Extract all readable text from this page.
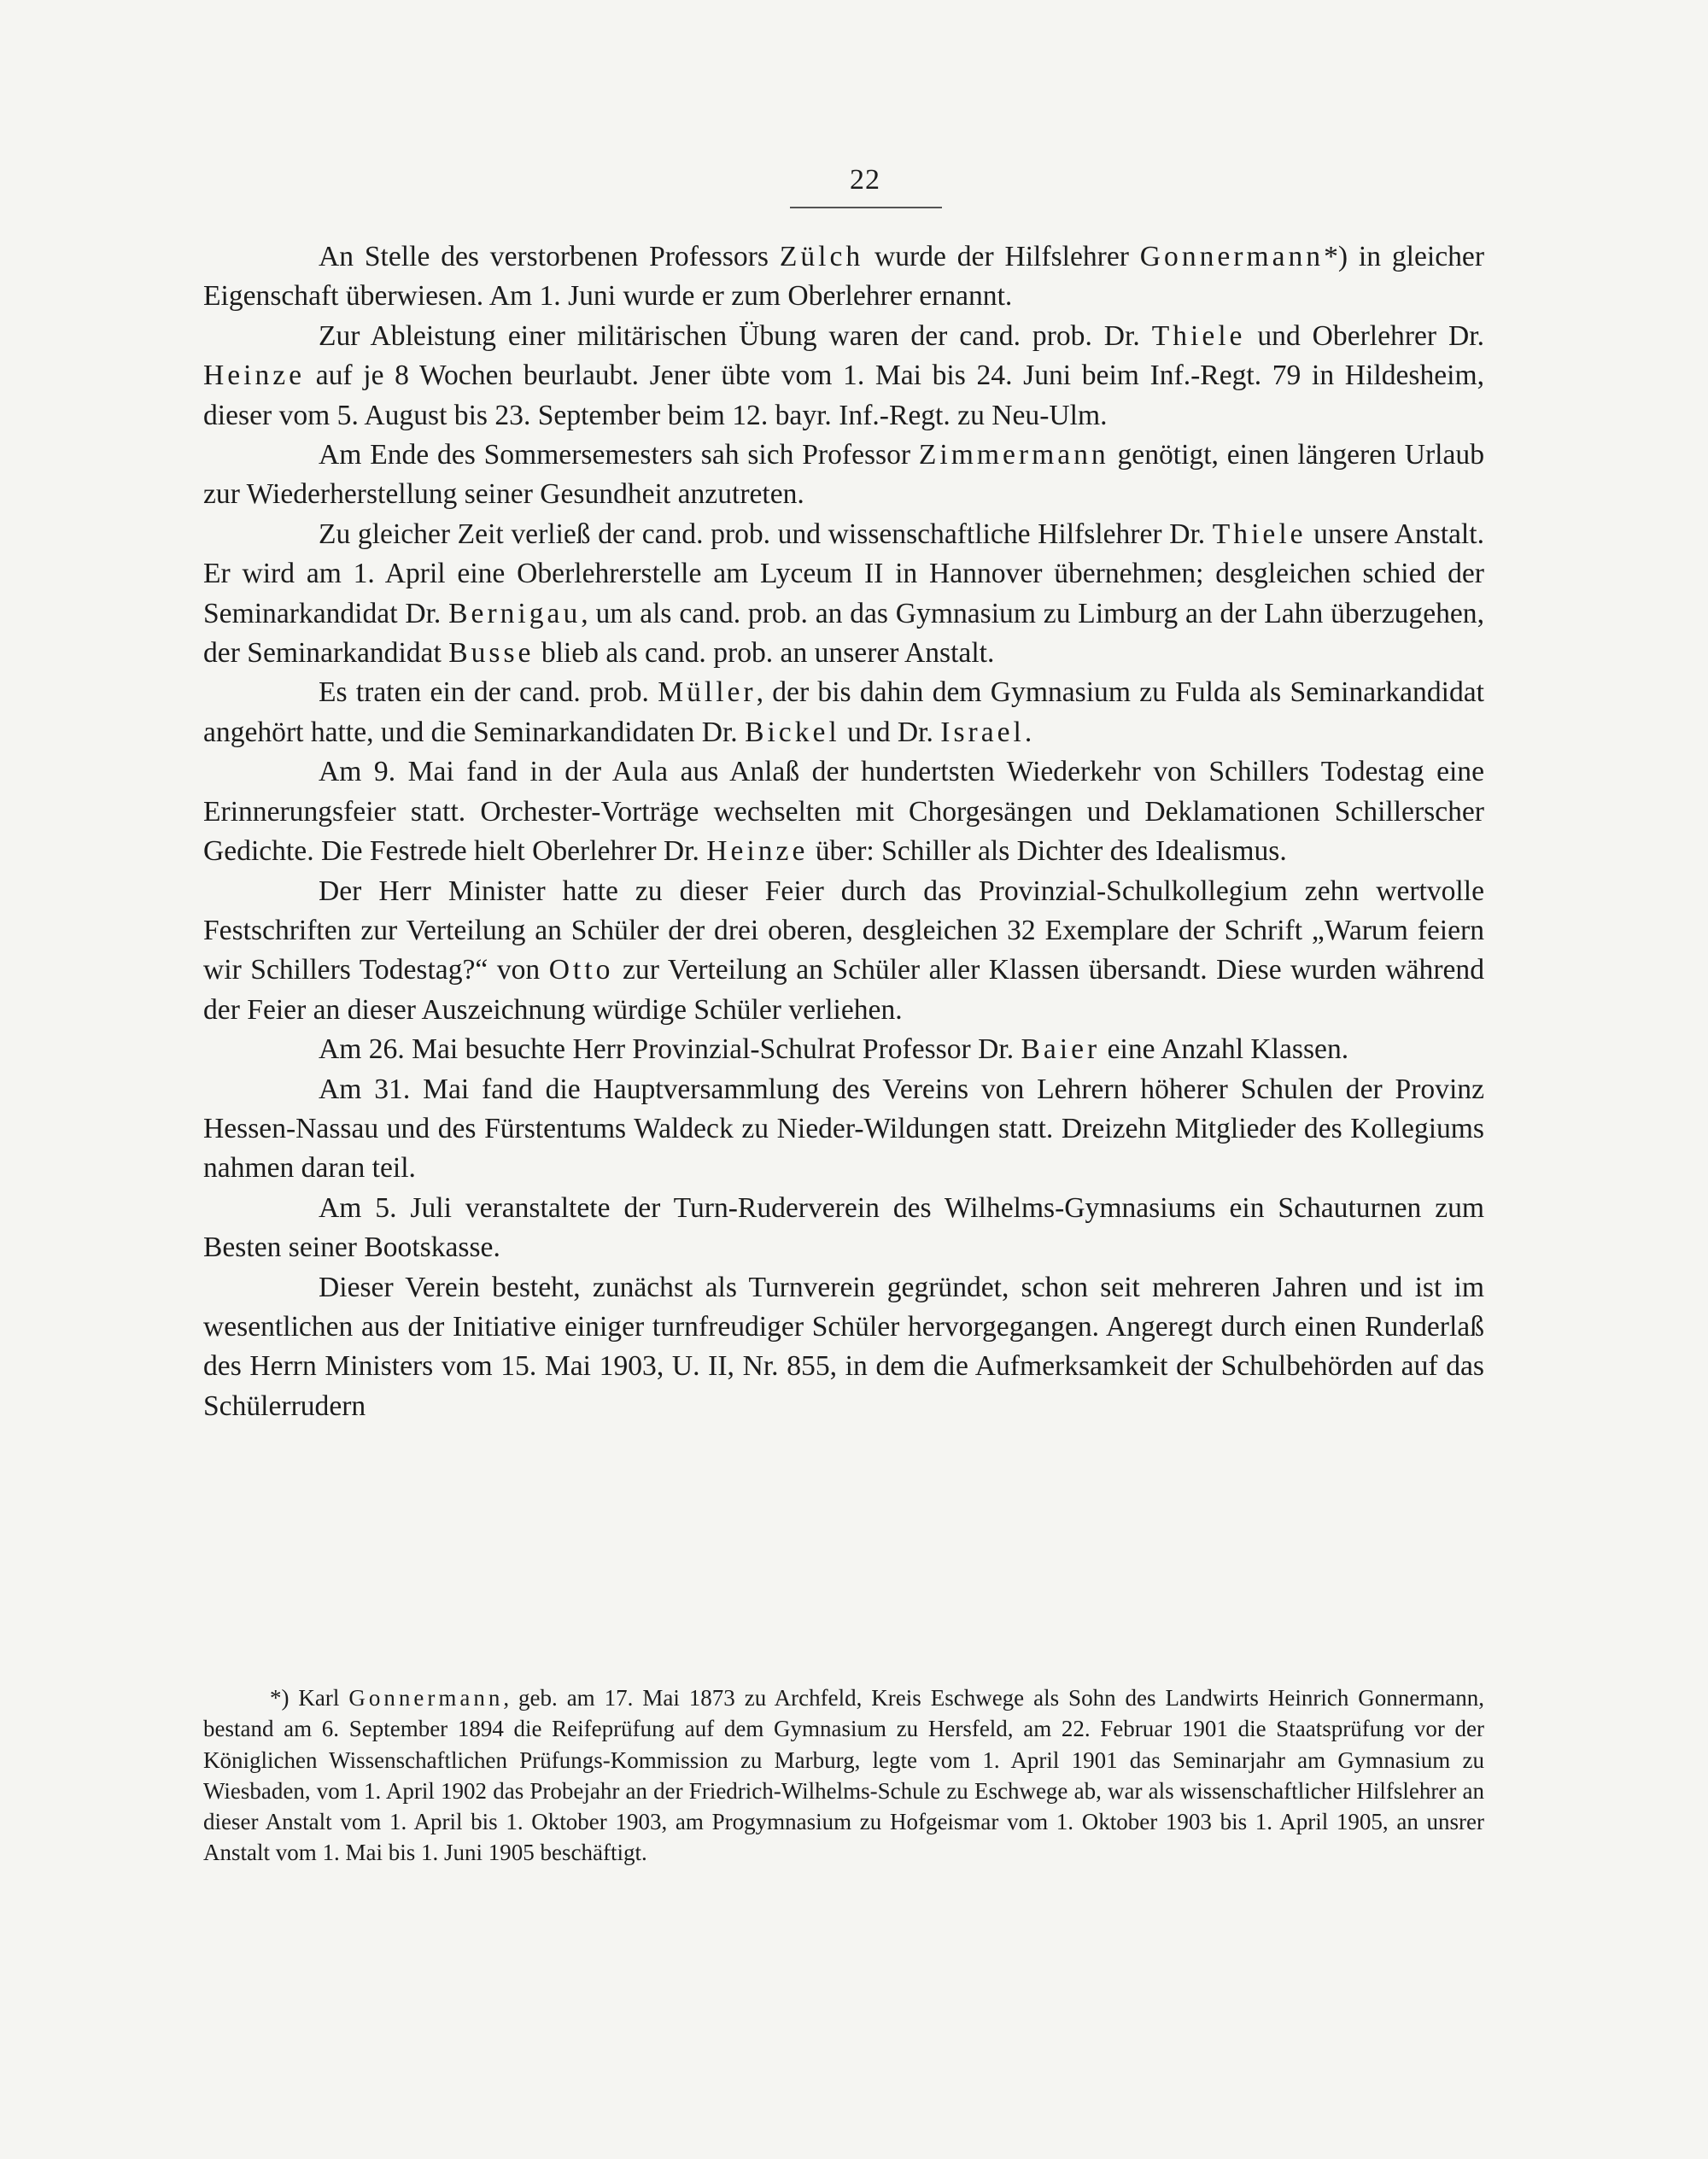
22

An Stelle des verstorbenen Professors Zülch wurde der Hilfslehrer Gonnermann*) in gleicher Eigenschaft überwiesen. Am 1. Juni wurde er zum Oberlehrer ernannt.

Zur Ableistung einer militärischen Übung waren der cand. prob. Dr. Thiele und Oberlehrer Dr. Heinze auf je 8 Wochen beurlaubt. Jener übte vom 1. Mai bis 24. Juni beim Inf.-Regt. 79 in Hildesheim, dieser vom 5. August bis 23. September beim 12. bayr. Inf.-Regt. zu Neu-Ulm.

Am Ende des Sommersemesters sah sich Professor Zimmermann genötigt, einen längeren Urlaub zur Wiederherstellung seiner Gesundheit anzutreten.

Zu gleicher Zeit verließ der cand. prob. und wissenschaftliche Hilfslehrer Dr. Thiele unsere Anstalt. Er wird am 1. April eine Oberlehrerstelle am Lyceum II in Hannover übernehmen; desgleichen schied der Seminarkandidat Dr. Bernigau, um als cand. prob. an das Gymnasium zu Limburg an der Lahn überzugehen, der Seminarkandidat Busse blieb als cand. prob. an unserer Anstalt.

Es traten ein der cand. prob. Müller, der bis dahin dem Gymnasium zu Fulda als Seminarkandidat angehört hatte, und die Seminarkandidaten Dr. Bickel und Dr. Israel.

Am 9. Mai fand in der Aula aus Anlaß der hundertsten Wiederkehr von Schillers Todestag eine Erinnerungsfeier statt. Orchester-Vorträge wechselten mit Chorgesängen und Deklamationen Schillerscher Gedichte. Die Festrede hielt Oberlehrer Dr. Heinze über: Schiller als Dichter des Idealismus.

Der Herr Minister hatte zu dieser Feier durch das Provinzial-Schulkollegium zehn wertvolle Festschriften zur Verteilung an Schüler der drei oberen, desgleichen 32 Exemplare der Schrift „Warum feiern wir Schillers Todestag?“ von Otto zur Verteilung an Schüler aller Klassen übersandt. Diese wurden während der Feier an dieser Auszeichnung würdige Schüler verliehen.

Am 26. Mai besuchte Herr Provinzial-Schulrat Professor Dr. Baier eine Anzahl Klassen.

Am 31. Mai fand die Hauptversammlung des Vereins von Lehrern höherer Schulen der Provinz Hessen-Nassau und des Fürstentums Waldeck zu Nieder-Wildungen statt. Dreizehn Mitglieder des Kollegiums nahmen daran teil.

Am 5. Juli veranstaltete der Turn-Ruderverein des Wilhelms-Gymnasiums ein Schauturnen zum Besten seiner Bootskasse.

Dieser Verein besteht, zunächst als Turnverein gegründet, schon seit mehreren Jahren und ist im wesentlichen aus der Initiative einiger turnfreudiger Schüler hervorgegangen. Angeregt durch einen Runderlaß des Herrn Ministers vom 15. Mai 1903, U. II, Nr. 855, in dem die Aufmerksamkeit der Schulbehörden auf das Schülerrudern

*) Karl Gonnermann, geb. am 17. Mai 1873 zu Archfeld, Kreis Eschwege als Sohn des Landwirts Heinrich Gonnermann, bestand am 6. September 1894 die Reifeprüfung auf dem Gymnasium zu Hersfeld, am 22. Februar 1901 die Staatsprüfung vor der Königlichen Wissenschaftlichen Prüfungs-Kommission zu Marburg, legte vom 1. April 1901 das Seminarjahr am Gymnasium zu Wiesbaden, vom 1. April 1902 das Probejahr an der Friedrich-Wilhelms-Schule zu Eschwege ab, war als wissenschaftlicher Hilfslehrer an dieser Anstalt vom 1. April bis 1. Oktober 1903, am Progymnasium zu Hofgeismar vom 1. Oktober 1903 bis 1. April 1905, an unsrer Anstalt vom 1. Mai bis 1. Juni 1905 beschäftigt.
